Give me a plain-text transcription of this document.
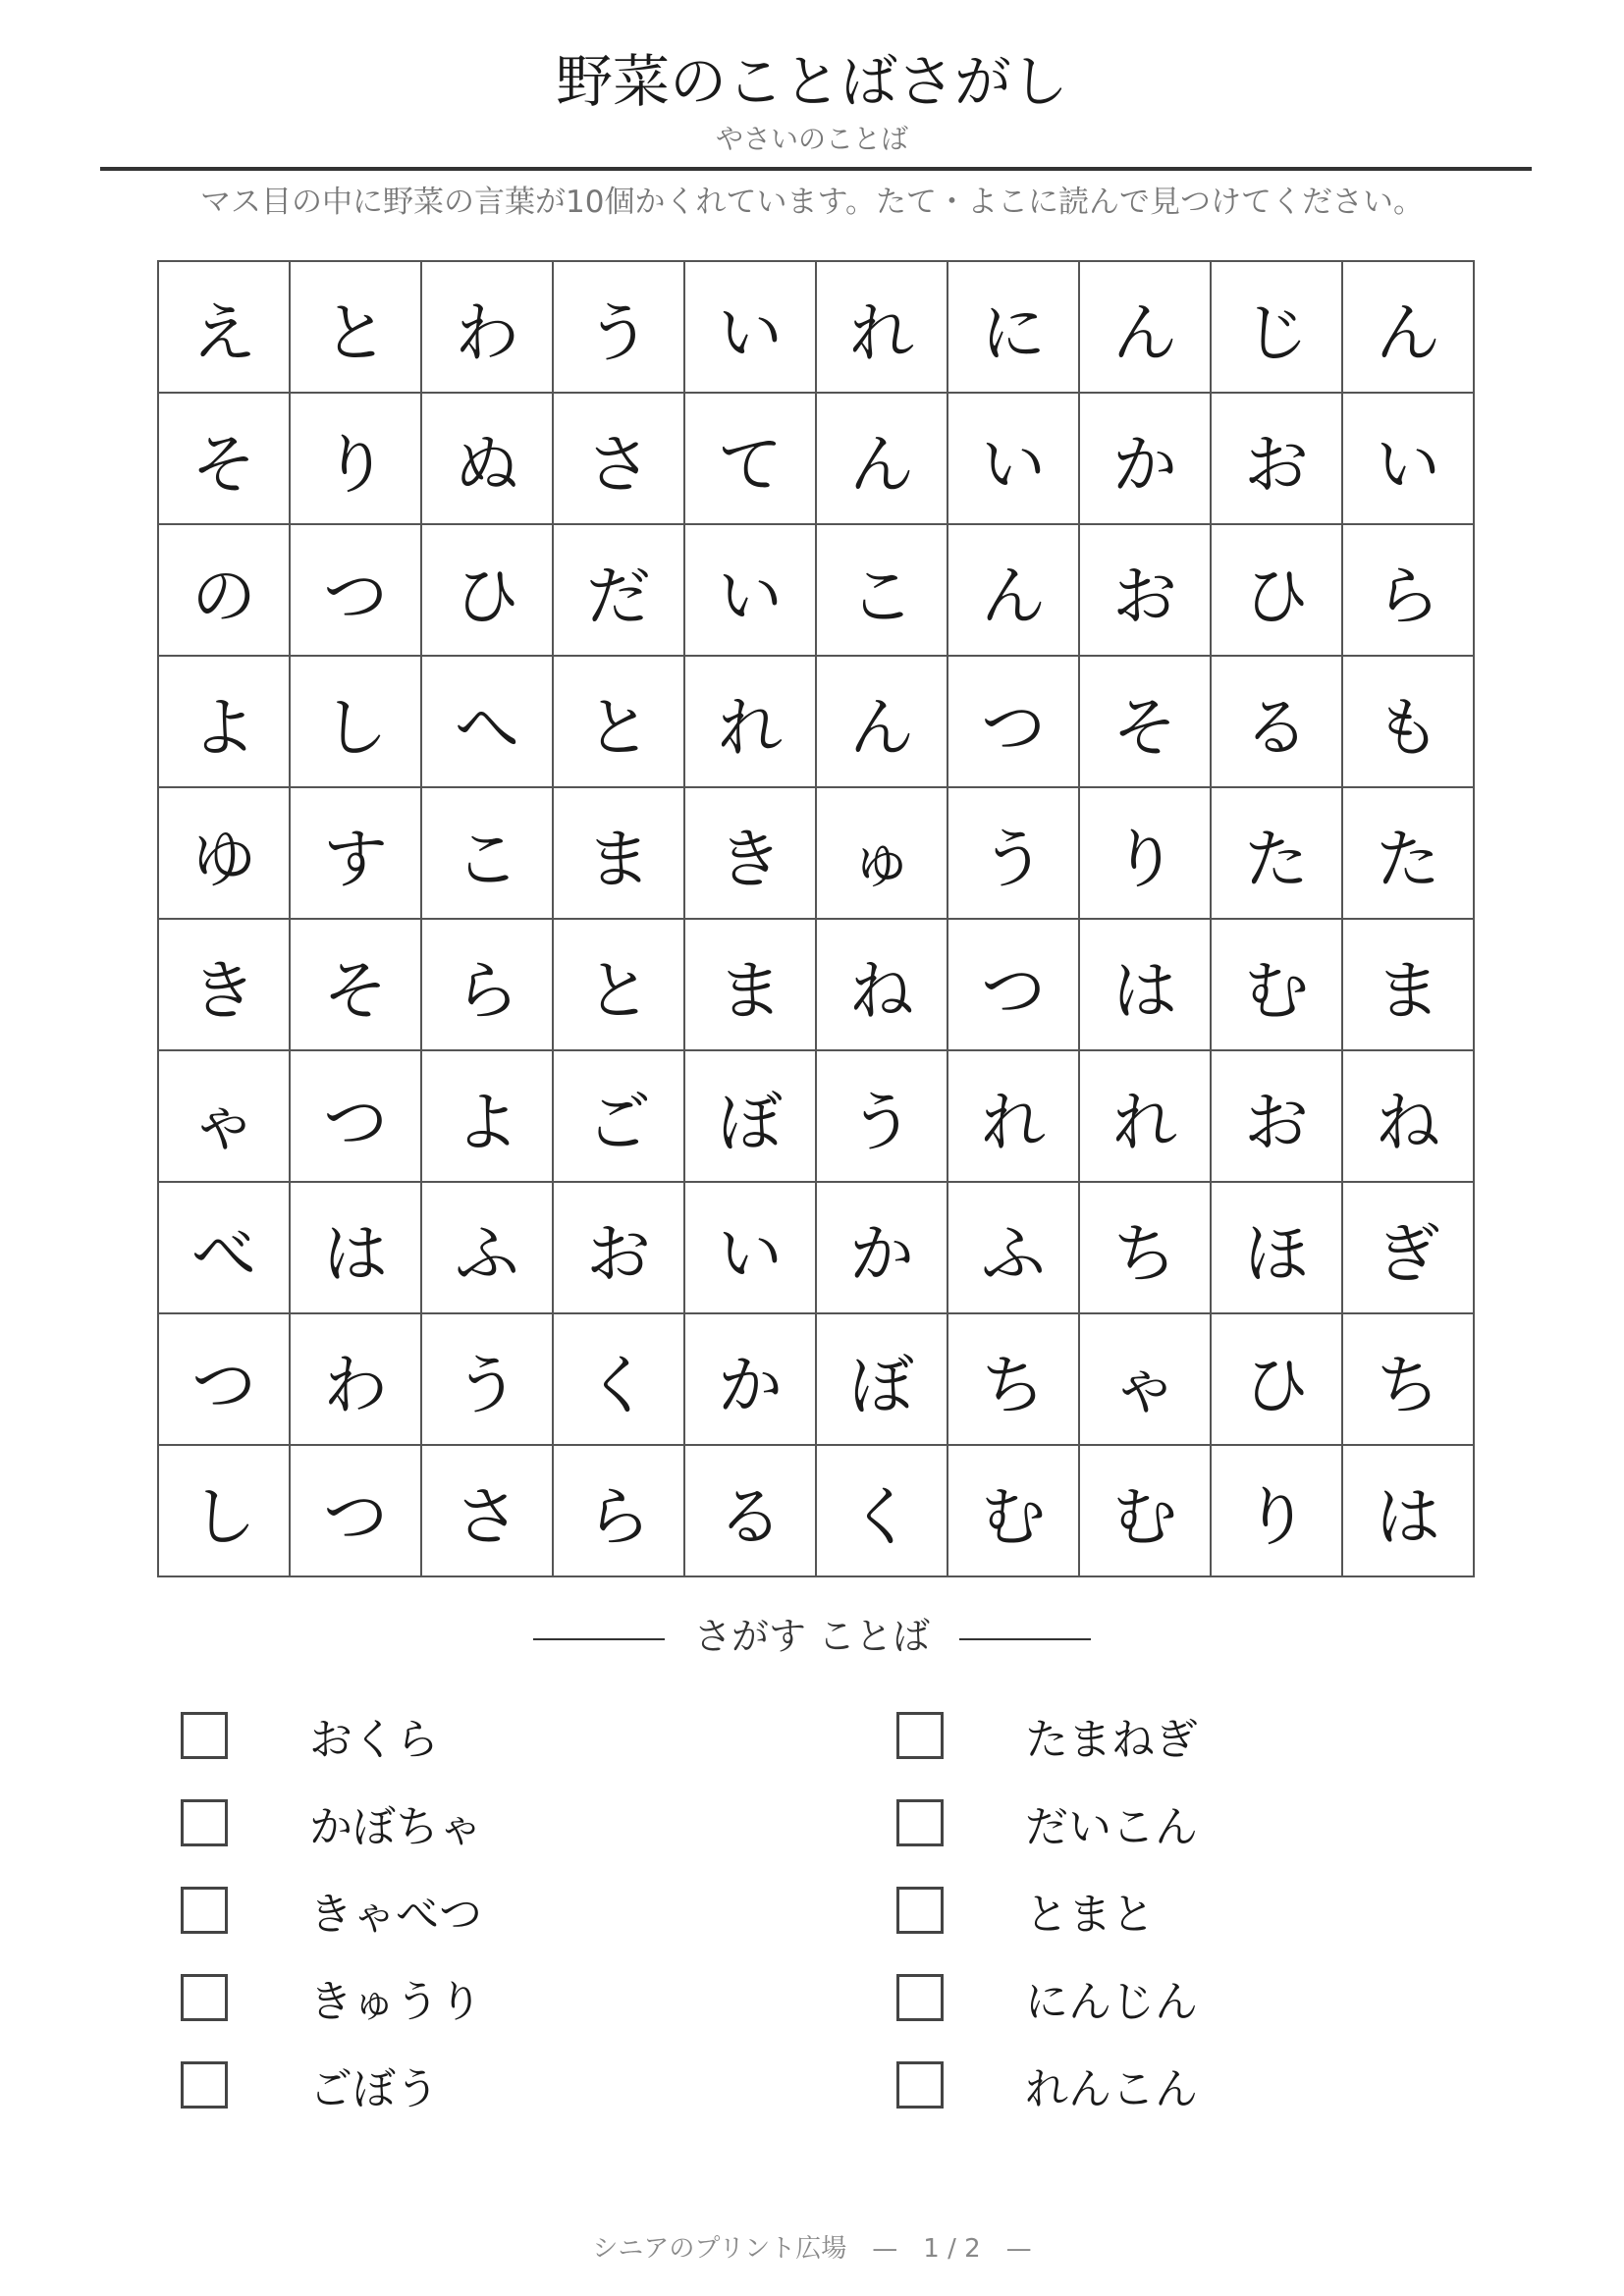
野菜のことばさがし
やさいのことば
マス目の中に野菜の言葉が10個かくれています。たて・よこに読んで見つけてください。
え	と	わ	う	い	れ	に	ん	じ	ん
そ	り	ぬ	さ	て	ん	い	か	お	い
の	つ	ひ	だ	い	こ	ん	お	ひ	ら
よ	し	へ	と	れ	ん	つ	そ	る	も
ゆ	す	こ	ま	き	ゅ	う	り	た	た
き	そ	ら	と	ま	ね	つ	は	む	ま
ゃ	つ	よ	ご	ぼ	う	れ	れ	お	ね
べ	は	ふ	お	い	か	ふ	ち	ほ	ぎ
つ	わ	う	く	か	ぼ	ち	ゃ	ひ	ち
し	つ	さ	ら	る	く	む	む	り	は
さがす ことば
おくら
かぼちゃ
きゃべつ
きゅうり
ごぼう
たまねぎ
だいこん
とまと
にんじん
れんこん
シニアのプリント広場　—　1 / 2　—
